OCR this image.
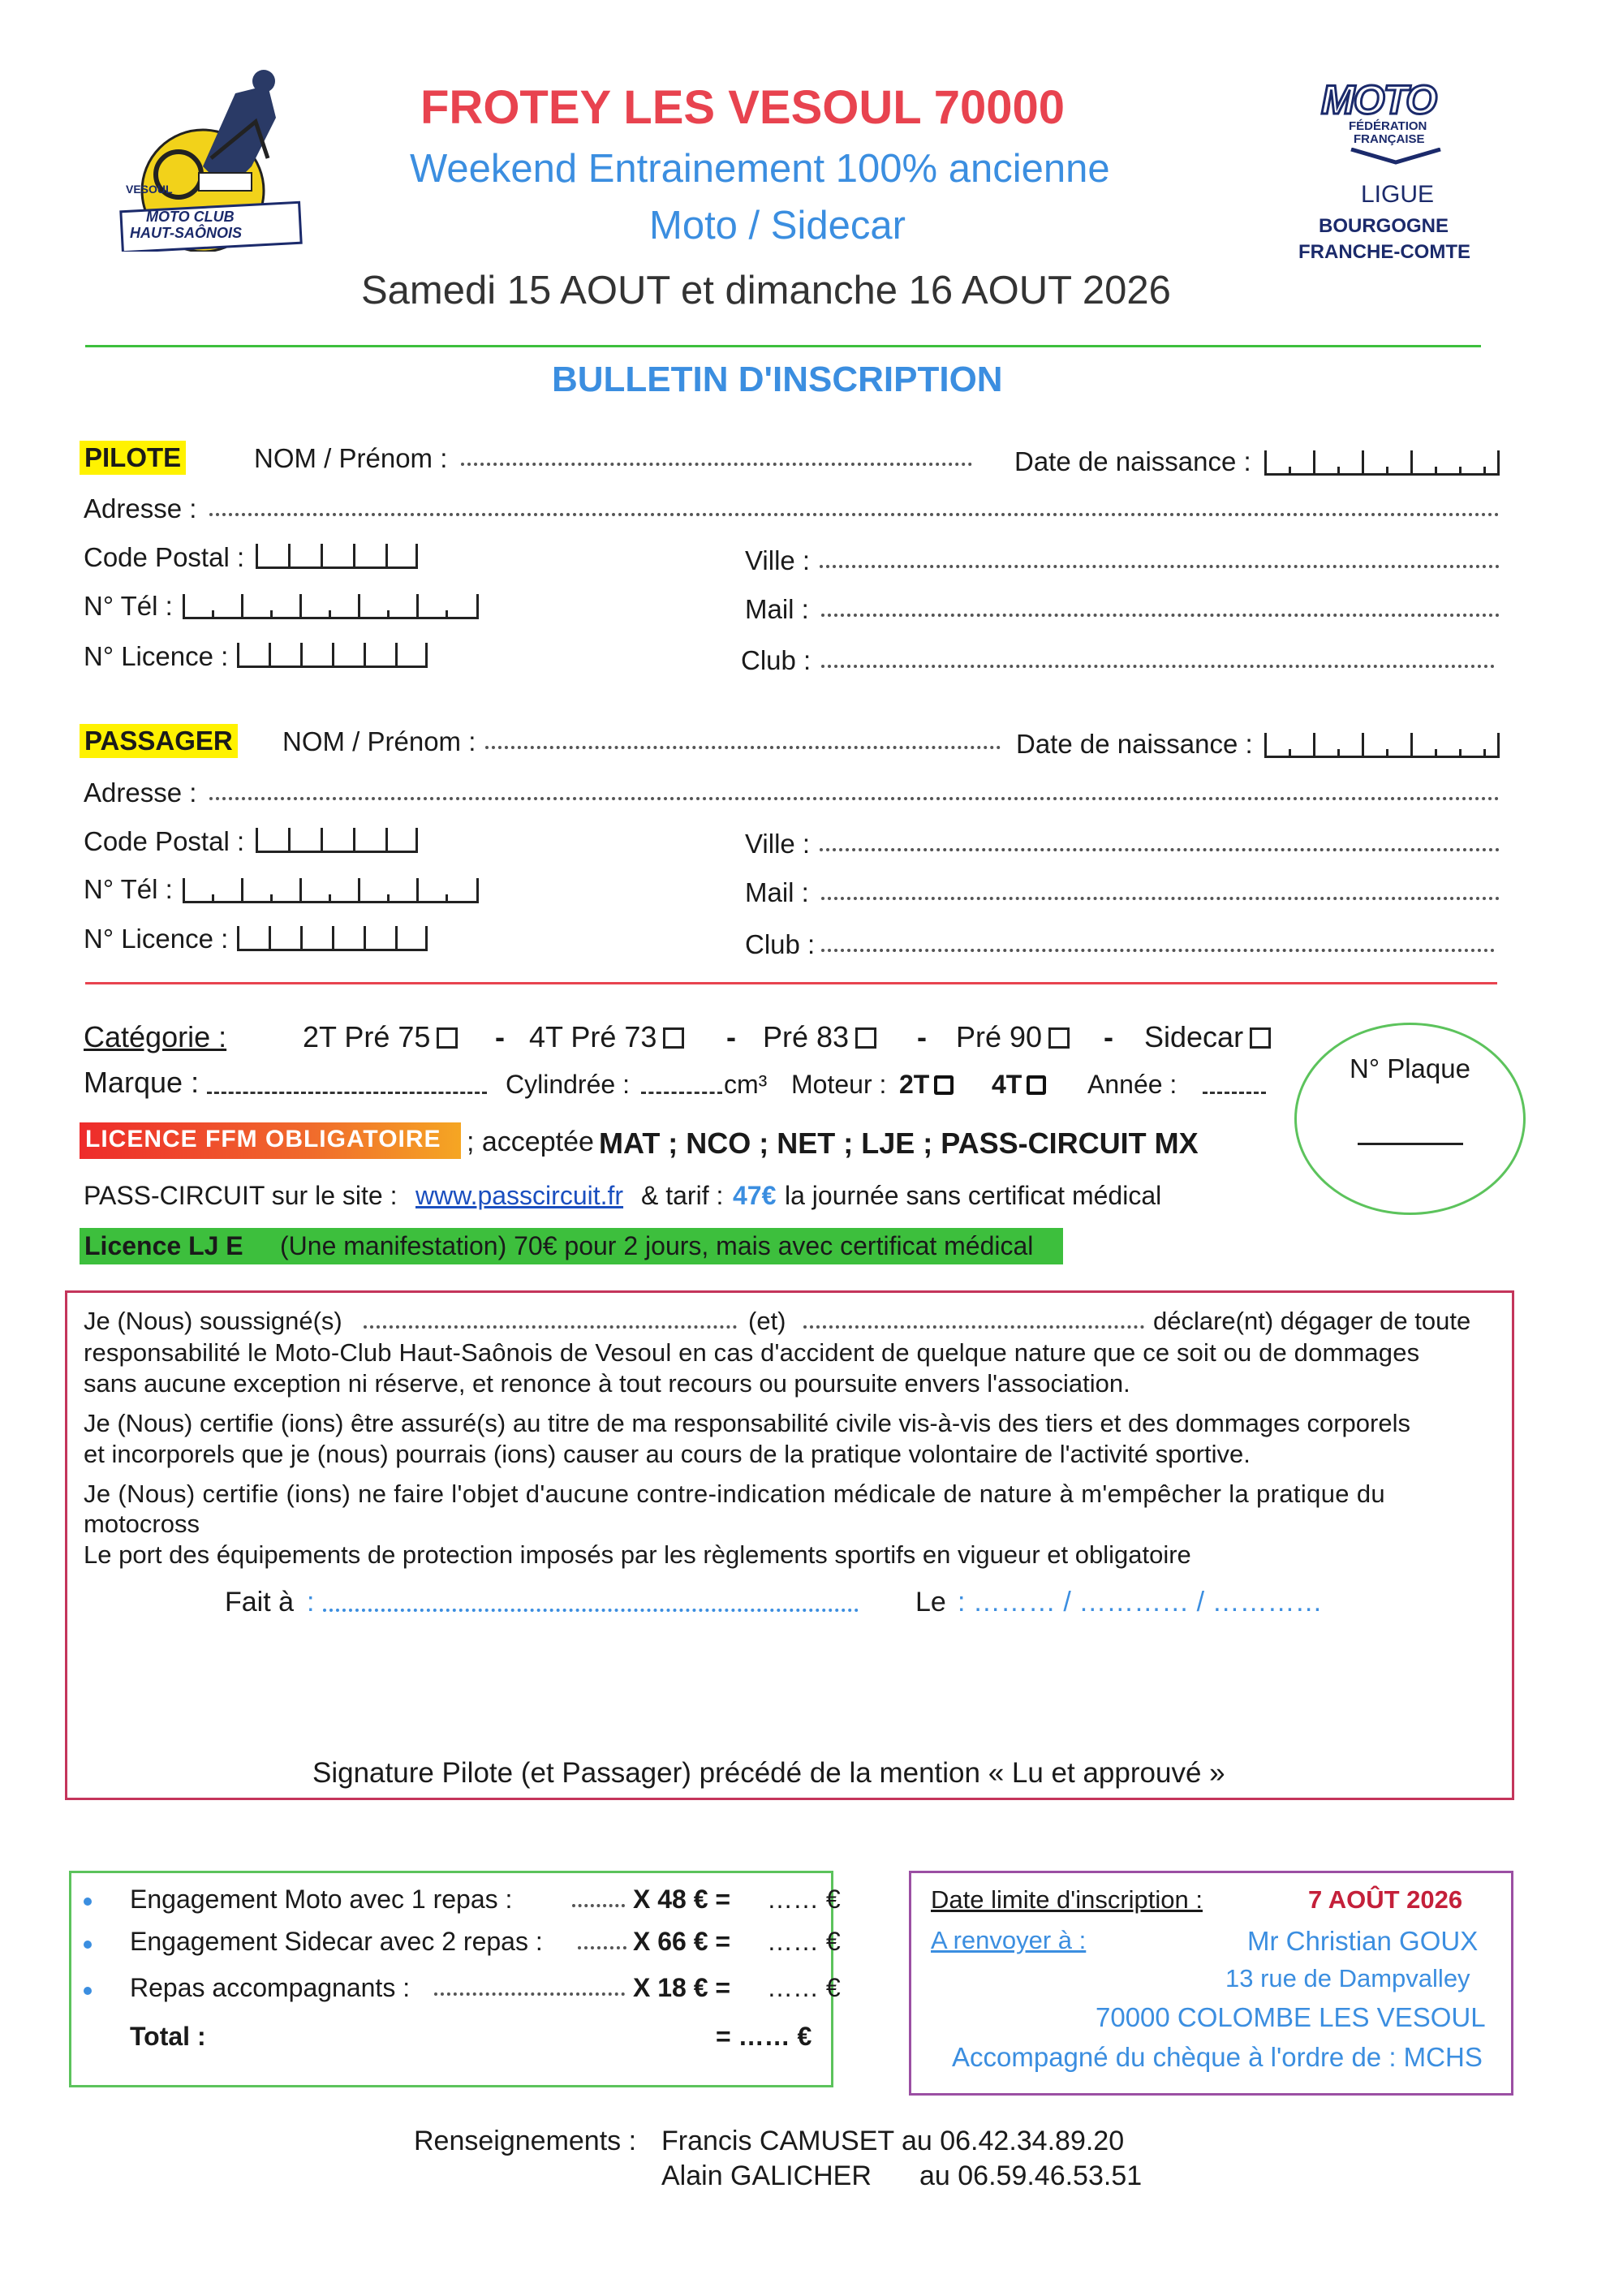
VESOUL
MOTO CLUB
HAUT-SAÔNOIS
FROTEY LES VESOUL 70000
Weekend Entrainement 100% ancienne
Moto / Sidecar
Samedi 15 AOUT et dimanche 16 AOUT 2026
MOTO
FÉDÉRATION
FRANÇAISE
LIGUE
BOURGOGNE
FRANCHE-COMTE
BULLETIN D'INSCRIPTION
PILOTE	NOM / Prénom :	Date de naissance :
Adresse :
Code Postal :	Ville :
N° Tél :	Mail :
N° Licence :	Club :
PASSAGER NOM / Prénom :	Date de naissance :
Adresse :
Code Postal :	Ville :
N° Tél :	Mail :
N° Licence :	Club :
Catégorie :	2T Pré 75	- 4T Pré 73	- Pré 83	- Pré 90	- Sidecar
Marque :	Cylindrée :	cm³ Moteur : 2T	4T	Année :
N° Plaque
LICENCE FFM OBLIGATOIRE ; acceptée
MAT ; NCO ; NET ; LJE ; PASS-CIRCUIT MX
PASS-CIRCUIT sur le site : www.passcircuit.fr & tarif : 47€ la journée sans certificat médical
Licence LJ E (Une manifestation) 70€ pour 2 jours, mais avec certificat médical
Je (Nous) soussigné(s)	(et)	déclare(nt) dégager de toute
responsabilité le Moto-Club Haut-Saônois de Vesoul en cas d'accident de quelque nature que ce soit ou de dommages
sans aucune exception ni réserve, et renonce à tout recours ou poursuite envers l'association.
Je (Nous) certifie (ions) être assuré(s) au titre de ma responsabilité civile vis-à-vis des tiers et des dommages corporels
et incorporels que je (nous) pourrais (ions) causer au cours de la pratique volontaire de l'activité sportive.
Je (Nous) certifie (ions) ne faire l'objet d'aucune contre-indication médicale de nature à m'empêcher la pratique du
motocross
Le port des équipements de protection imposés par les règlements sportifs en vigueur et obligatoire
Fait à :	Le : ……… / ………… / …………
Signature Pilote (et Passager) précédé de la mention « Lu et approuvé »
Engagement Moto avec 1 repas :	X 48 € = …… €
Engagement Sidecar avec 2 repas :	X 66 € = …… €
Repas accompagnants :	X 18 € = …… €
Total :	= …… €
Date limite d'inscription :	7 AOÛT 2026
A renvoyer à :	Mr Christian GOUX
13 rue de Dampvalley
70000 COLOMBE LES VESOUL
Accompagné du chèque à l'ordre de : MCHS
Renseignements : Francis CAMUSET au 06.42.34.89.20
Alain GALICHER au 06.59.46.53.51
